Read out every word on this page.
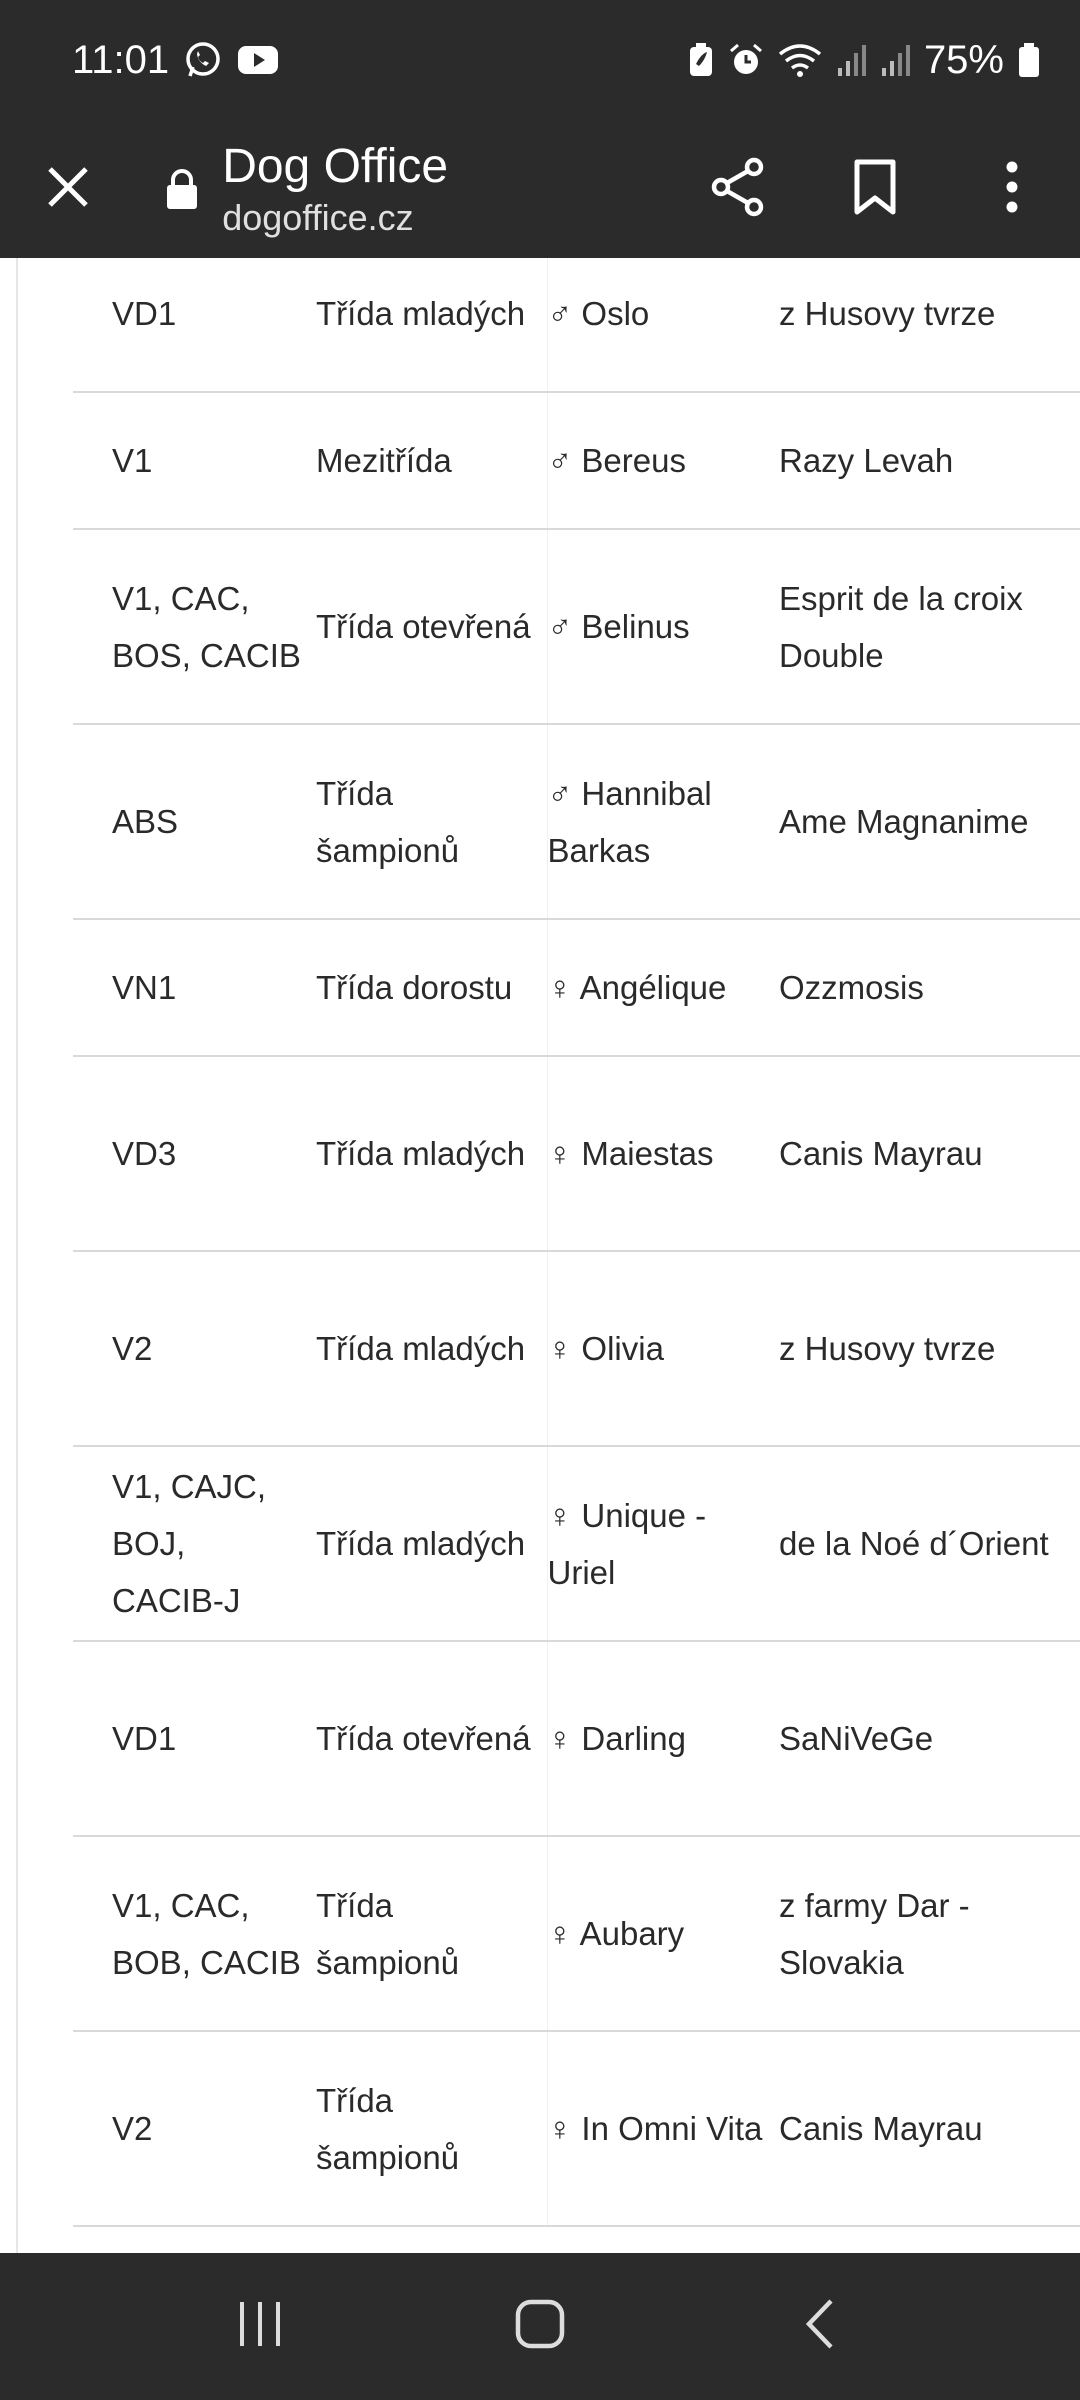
11:01	75%
Dog Office
dogoffice.cz
VD1	Třída mladých	♂ Oslo	z Husovy tvrze
V1	Mezitřída	♂ Bereus	Razy Levah
V1, CAC, BOS, CACIB	Třída otevřená	♂ Belinus	Esprit de la croix Double
ABS	Třída šampionů	♂ Hannibal Barkas	Ame Magnanime
VN1	Třída dorostu	♀ Angélique	Ozzmosis
VD3	Třída mladých	♀ Maiestas	Canis Mayrau
V2	Třída mladých	♀ Olivia	z Husovy tvrze
V1, CAJC, BOJ, CACIB-J	Třída mladých	♀ Unique - Uriel	de la Noé d´Orient
VD1	Třída otevřená	♀ Darling	SaNiVeGe
V1, CAC, BOB, CACIB	Třída šampionů	♀ Aubary	z farmy Dar - Slovakia
V2	Třída šampionů	♀ In Omni Vita	Canis Mayrau
